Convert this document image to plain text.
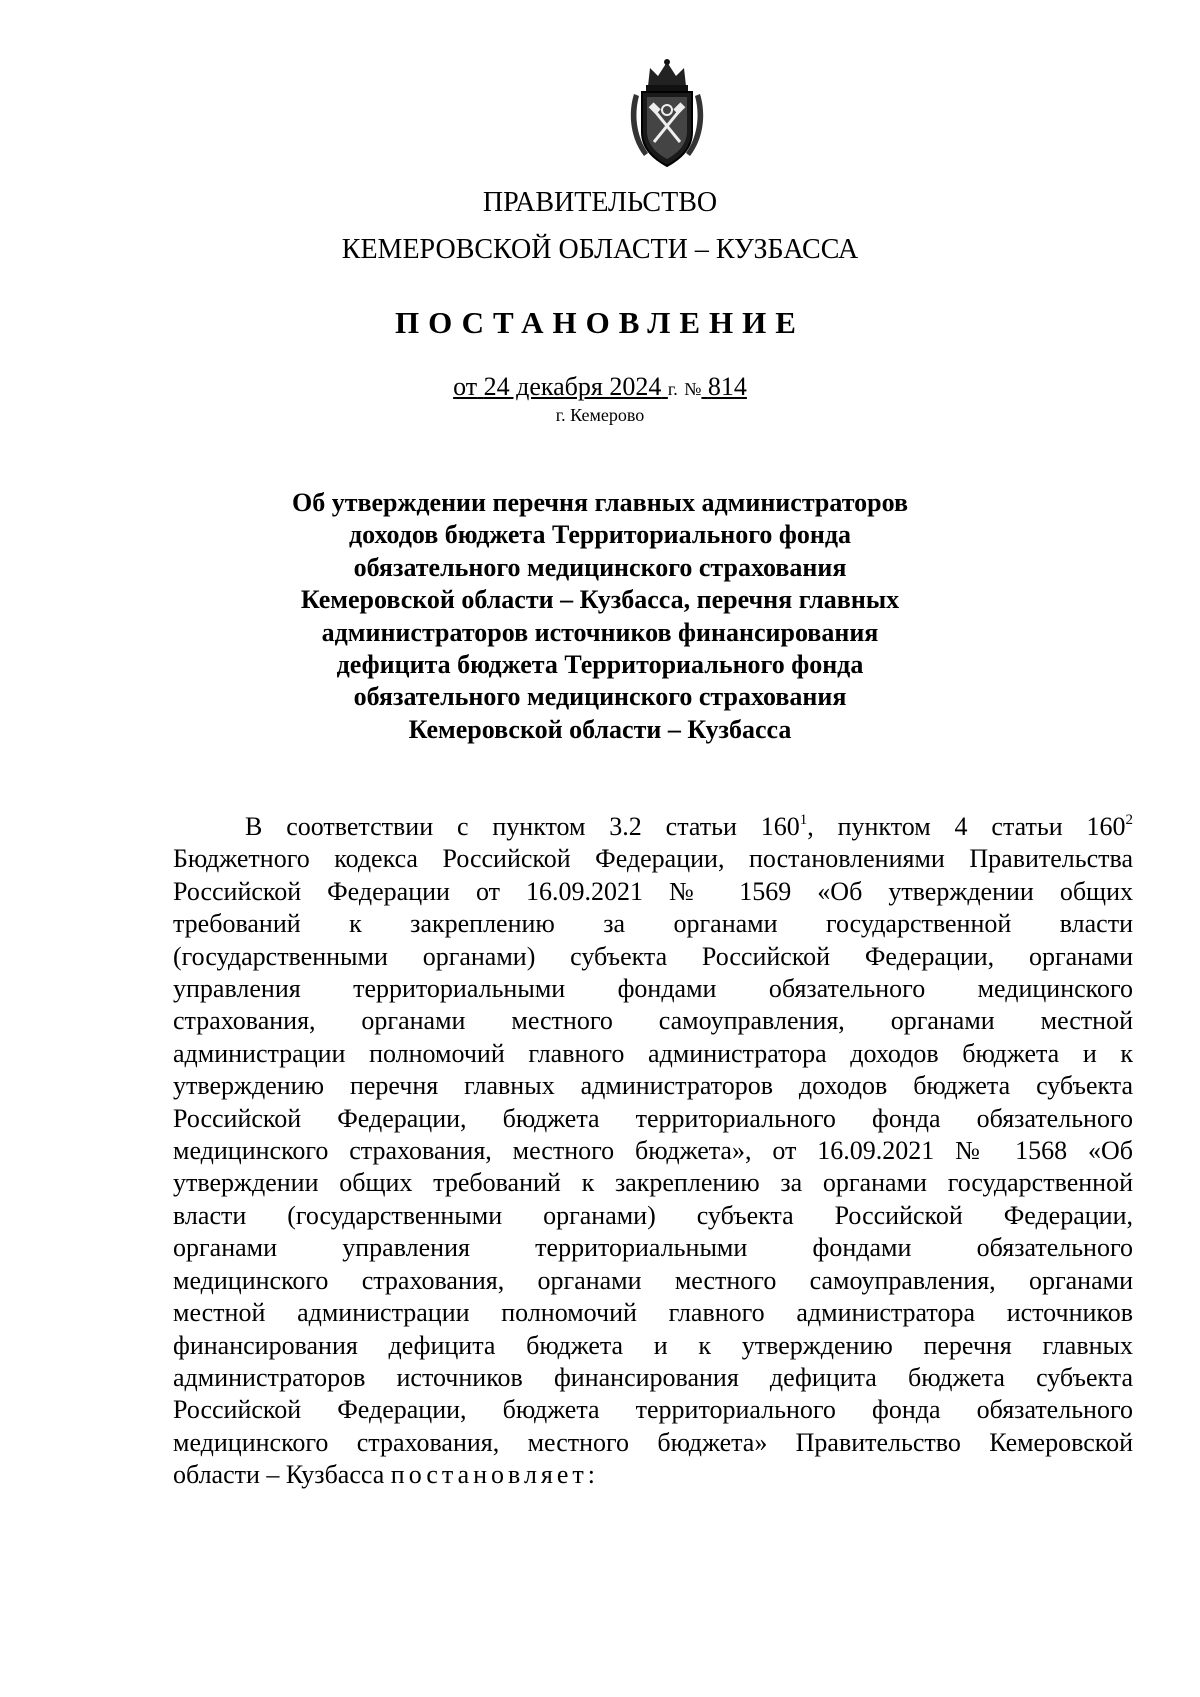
ПРАВИТЕЛЬСТВО
КЕМЕРОВСКОЙ ОБЛАСТИ – КУЗБАССА
ПОСТАНОВЛЕНИЕ
от 24 декабря 2024 г. № 814
г. Кемерово
Об утверждении перечня главных администраторов
доходов бюджета Территориального фонда
обязательного медицинского страхования
Кемеровской области – Кузбасса, перечня главных
администраторов источников финансирования
дефицита бюджета Территориального фонда
обязательного медицинского страхования
Кемеровской области – Кузбасса
В соответствии с пунктом 3.2 статьи $160^1$, пунктом 4 статьи $160^2$
Бюджетного кодекса Российской Федерации, постановлениями Правительства
Российской Федерации от 16.09.2021 № 1569 «Об утверждении общих
требований к закреплению за органами государственной власти
(государственными органами) субъекта Российской Федерации, органами
управления территориальными фондами обязательного медицинского
страхования, органами местного самоуправления, органами местной
администрации полномочий главного администратора доходов бюджета и к
утверждению перечня главных администраторов доходов бюджета субъекта
Российской Федерации, бюджета территориального фонда обязательного
медицинского страхования, местного бюджета», от 16.09.2021 № 1568 «Об
утверждении общих требований к закреплению за органами государственной
власти (государственными органами) субъекта Российской Федерации,
органами управления территориальными фондами обязательного
медицинского страхования, органами местного самоуправления, органами
местной администрации полномочий главного администратора источников
финансирования дефицита бюджета и к утверждению перечня главных
администраторов источников финансирования дефицита бюджета субъекта
Российской Федерации, бюджета территориального фонда обязательного
медицинского страхования, местного бюджета» Правительство Кемеровской
области – Кузбасса постановляет:
